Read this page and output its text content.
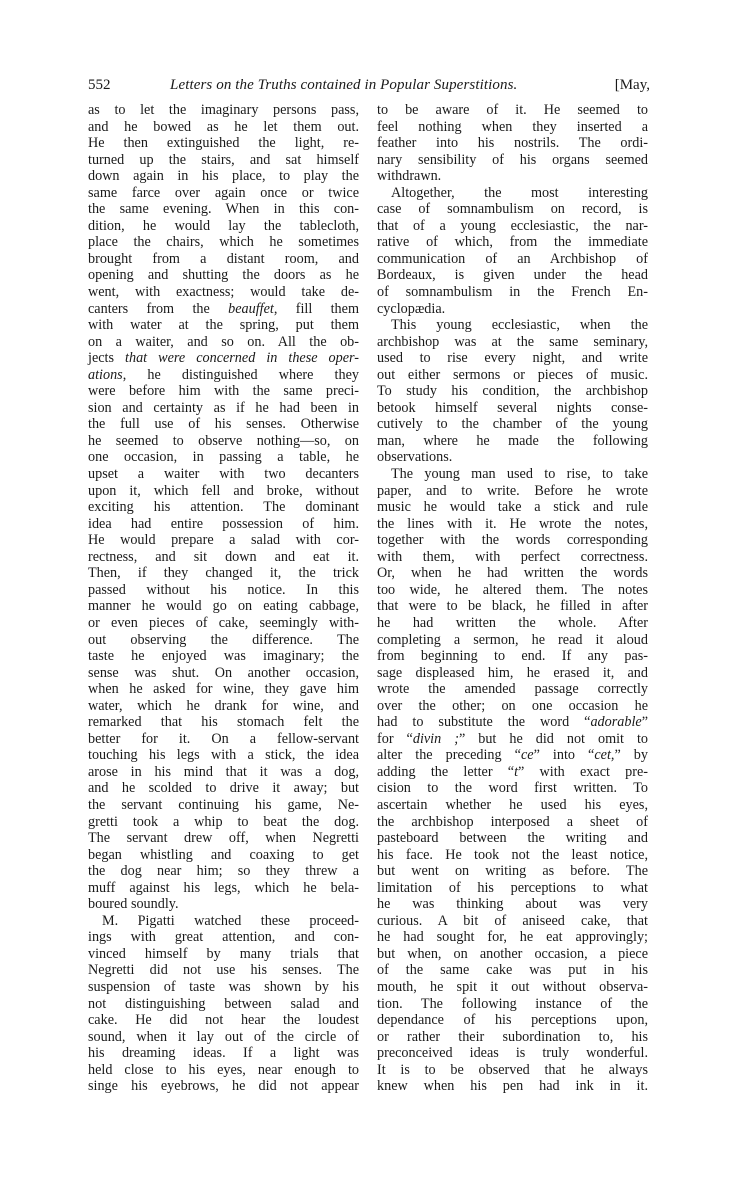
552	Letters on the Truths contained in Popular Superstitions.	[May,
as to let the imaginary persons pass,
and he bowed as he let them out.
He then extinguished the light, re-
turned up the stairs, and sat himself
down again in his place, to play the
same farce over again once or twice
the same evening. When in this con-
dition, he would lay the tablecloth,
place the chairs, which he sometimes
brought from a distant room, and
opening and shutting the doors as he
went, with exactness; would take de-
canters from the beauffet, fill them
with water at the spring, put them
on a waiter, and so on. All the ob-
jects that were concerned in these oper-
ations, he distinguished where they
were before him with the same preci-
sion and certainty as if he had been in
the full use of his senses. Otherwise
he seemed to observe nothing—so, on
one occasion, in passing a table, he
upset a waiter with two decanters
upon it, which fell and broke, without
exciting his attention. The dominant
idea had entire possession of him.
He would prepare a salad with cor-
rectness, and sit down and eat it.
Then, if they changed it, the trick
passed without his notice. In this
manner he would go on eating cabbage,
or even pieces of cake, seemingly with-
out observing the difference. The
taste he enjoyed was imaginary; the
sense was shut. On another occasion,
when he asked for wine, they gave him
water, which he drank for wine, and
remarked that his stomach felt the
better for it. On a fellow-servant
touching his legs with a stick, the idea
arose in his mind that it was a dog,
and he scolded to drive it away; but
the servant continuing his game, Ne-
gretti took a whip to beat the dog.
The servant drew off, when Negretti
began whistling and coaxing to get
the dog near him; so they threw a
muff against his legs, which he bela-
boured soundly.
M. Pigatti watched these proceed-
ings with great attention, and con-
vinced himself by many trials that
Negretti did not use his senses. The
suspension of taste was shown by his
not distinguishing between salad and
cake. He did not hear the loudest
sound, when it lay out of the circle of
his dreaming ideas. If a light was
held close to his eyes, near enough to
singe his eyebrows, he did not appear
to be aware of it. He seemed to
feel nothing when they inserted a
feather into his nostrils. The ordi-
nary sensibility of his organs seemed
withdrawn.
Altogether, the most interesting
case of somnambulism on record, is
that of a young ecclesiastic, the nar-
rative of which, from the immediate
communication of an Archbishop of
Bordeaux, is given under the head
of somnambulism in the French En-
cyclopædia.
This young ecclesiastic, when the
archbishop was at the same seminary,
used to rise every night, and write
out either sermons or pieces of music.
To study his condition, the archbishop
betook himself several nights conse-
cutively to the chamber of the young
man, where he made the following
observations.
The young man used to rise, to take
paper, and to write. Before he wrote
music he would take a stick and rule
the lines with it. He wrote the notes,
together with the words corresponding
with them, with perfect correctness.
Or, when he had written the words
too wide, he altered them. The notes
that were to be black, he filled in after
he had written the whole. After
completing a sermon, he read it aloud
from beginning to end. If any pas-
sage displeased him, he erased it, and
wrote the amended passage correctly
over the other; on one occasion he
had to substitute the word “adorable”
for “divin ;” but he did not omit to
alter the preceding “ce” into “cet,” by
adding the letter “t” with exact pre-
cision to the word first written. To
ascertain whether he used his eyes,
the archbishop interposed a sheet of
pasteboard between the writing and
his face. He took not the least notice,
but went on writing as before. The
limitation of his perceptions to what
he was thinking about was very
curious. A bit of aniseed cake, that
he had sought for, he eat approvingly;
but when, on another occasion, a piece
of the same cake was put in his
mouth, he spit it out without observa-
tion. The following instance of the
dependance of his perceptions upon,
or rather their subordination to, his
preconceived ideas is truly wonderful.
It is to be observed that he always
knew when his pen had ink in it.
